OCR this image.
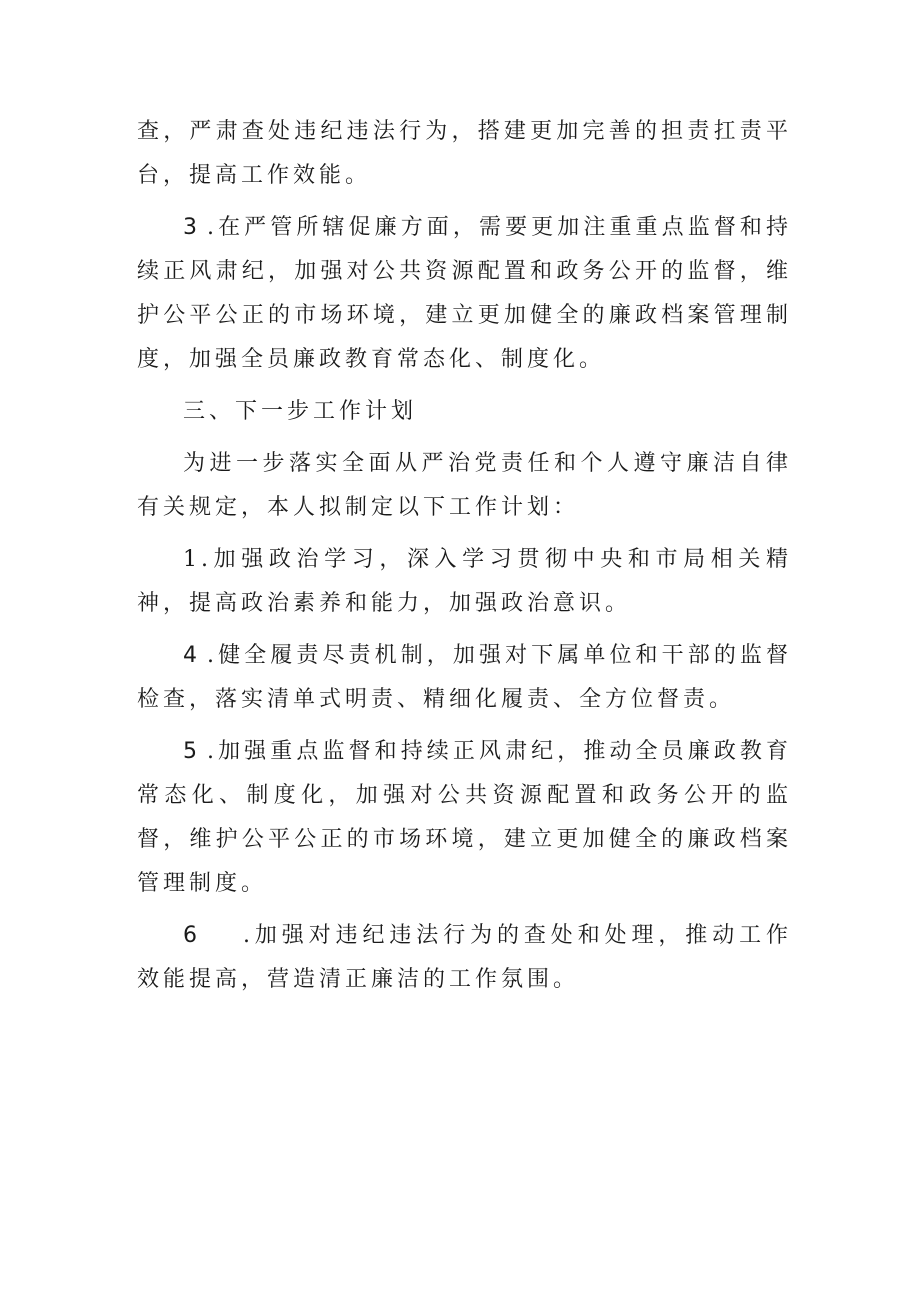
查，严肃查处违纪违法行为，搭建更加完善的担责扛责平台，提高工作效能。

3.在严管所辖促廉方面，需要更加注重重点监督和持续正风肃纪，加强对公共资源配置和政务公开的监督，维护公平公正的市场环境，建立更加健全的廉政档案管理制度，加强全员廉政教育常态化、制度化。

三、下一步工作计划

为进一步落实全面从严治党责任和个人遵守廉洁自律有关规定，本人拟制定以下工作计划：

1.加强政治学习，深入学习贯彻中央和市局相关精神，提高政治素养和能力，加强政治意识。

4.健全履责尽责机制，加强对下属单位和干部的监督检查，落实清单式明责、精细化履责、全方位督责。

5.加强重点监督和持续正风肃纪，推动全员廉政教育常态化、制度化，加强对公共资源配置和政务公开的监督，维护公平公正的市场环境，建立更加健全的廉政档案管理制度。

6.加强对违纪违法行为的查处和处理，推动工作效能提高，营造清正廉洁的工作氛围。
